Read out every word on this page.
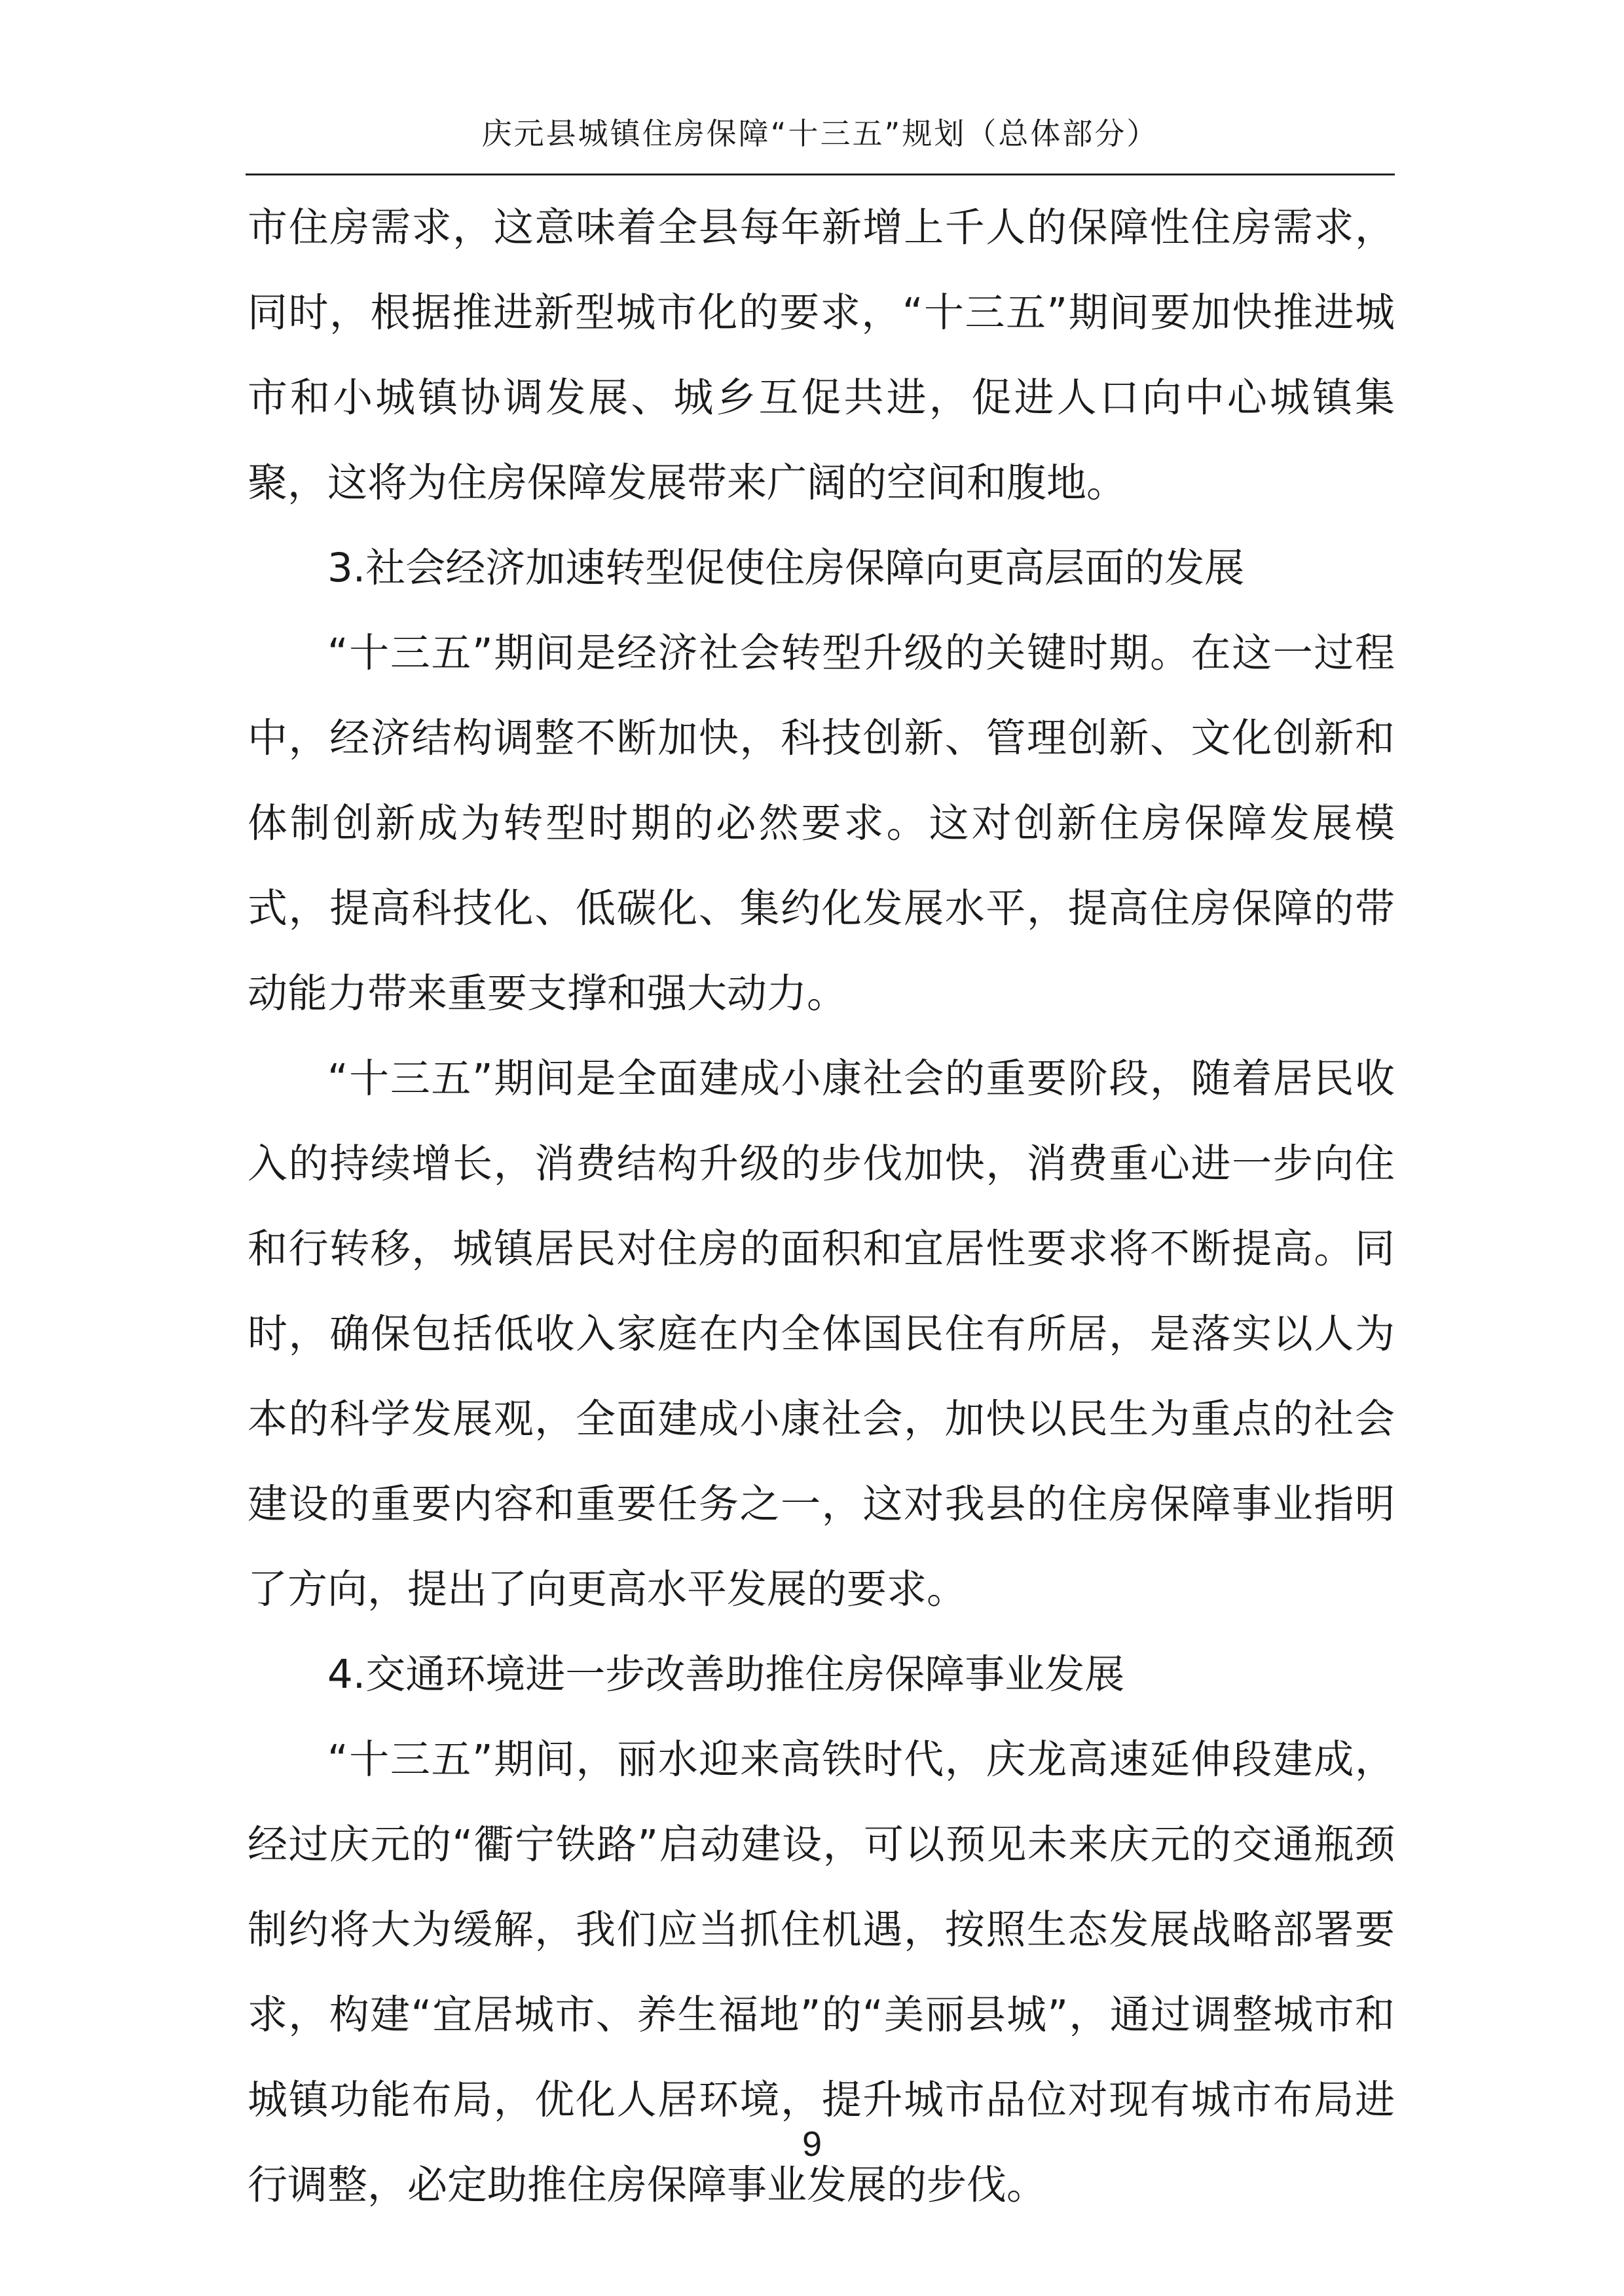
庆元县城镇住房保障“十三五”规划（总体部分）

市住房需求，这意味着全县每年新增上千人的保障性住房需求，同时，根据推进新型城市化的要求，“十三五”期间要加快推进城市和小城镇协调发展、城乡互促共进，促进人口向中心城镇集聚，这将为住房保障发展带来广阔的空间和腹地。

3.社会经济加速转型促使住房保障向更高层面的发展

“十三五”期间是经济社会转型升级的关键时期。在这一过程中，经济结构调整不断加快，科技创新、管理创新、文化创新和体制创新成为转型时期的必然要求。这对创新住房保障发展模式，提高科技化、低碳化、集约化发展水平，提高住房保障的带动能力带来重要支撑和强大动力。

“十三五”期间是全面建成小康社会的重要阶段，随着居民收入的持续增长，消费结构升级的步伐加快，消费重心进一步向住和行转移，城镇居民对住房的面积和宜居性要求将不断提高。同时，确保包括低收入家庭在内全体国民住有所居，是落实以人为本的科学发展观，全面建成小康社会，加快以民生为重点的社会建设的重要内容和重要任务之一，这对我县的住房保障事业指明了方向，提出了向更高水平发展的要求。

4.交通环境进一步改善助推住房保障事业发展

“十三五”期间，丽水迎来高铁时代，庆龙高速延伸段建成，经过庆元的“衢宁铁路”启动建设，可以预见未来庆元的交通瓶颈制约将大为缓解，我们应当抓住机遇，按照生态发展战略部署要求，构建“宜居城市、养生福地”的“美丽县城”，通过调整城市和城镇功能布局，优化人居环境，提升城市品位对现有城市布局进行调整，必定助推住房保障事业发展的步伐。

9
